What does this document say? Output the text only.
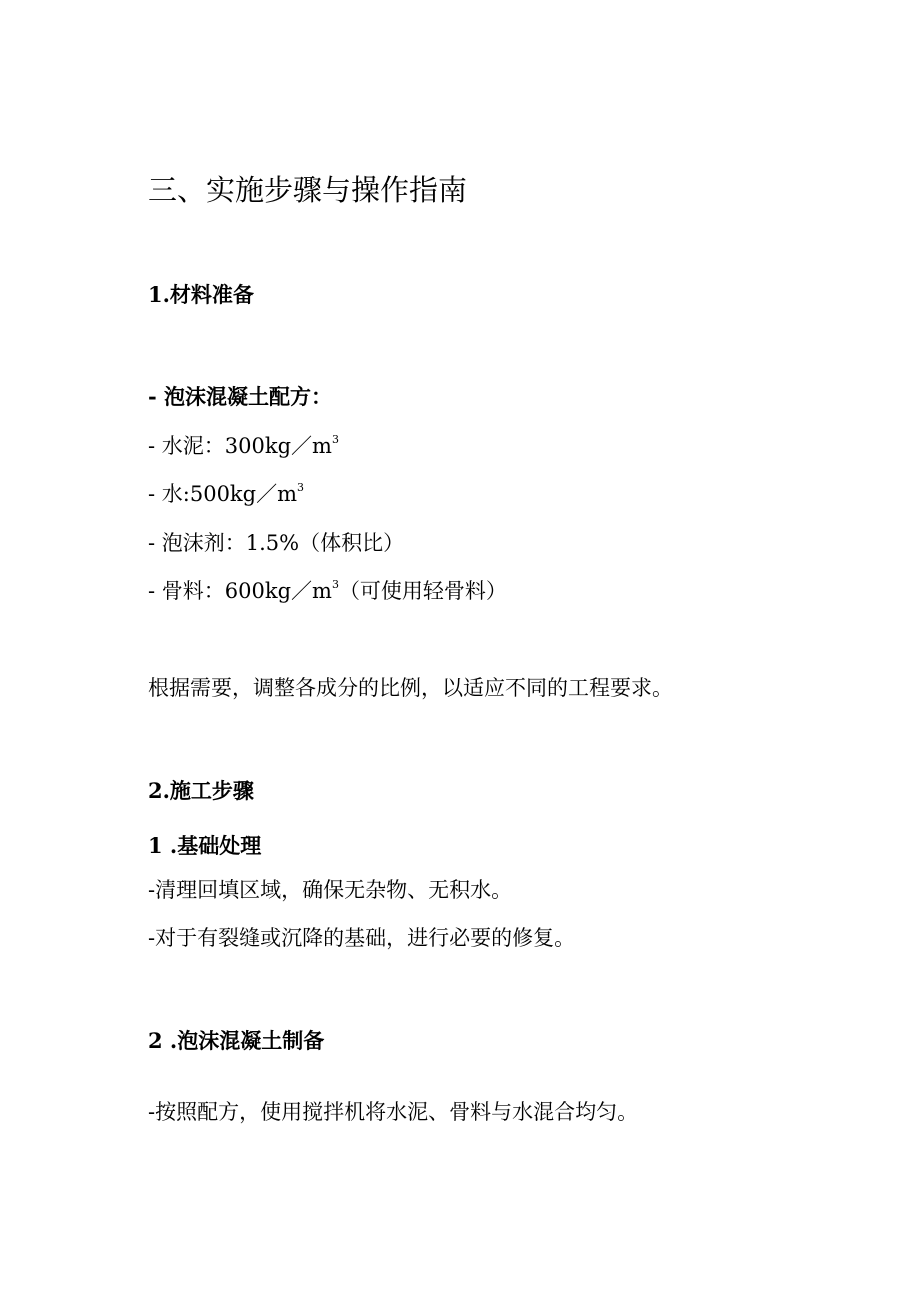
三、实施步骤与操作指南
1.材料准备
- 泡沫混凝土配方：
- 水泥：$300kg/m^3$
- 水$:500kg/m^3$
- 泡沫剂：1.5%（体积比）
- 骨料：$600kg/m^3$（可使用轻骨料）
根据需要，调整各成分的比例，以适应不同的工程要求。
2.施工步骤
1 .基础处理
-清理回填区域，确保无杂物、无积水。
-对于有裂缝或沉降的基础，进行必要的修复。
2 .泡沫混凝土制备
-按照配方，使用搅拌机将水泥、骨料与水混合均匀。
